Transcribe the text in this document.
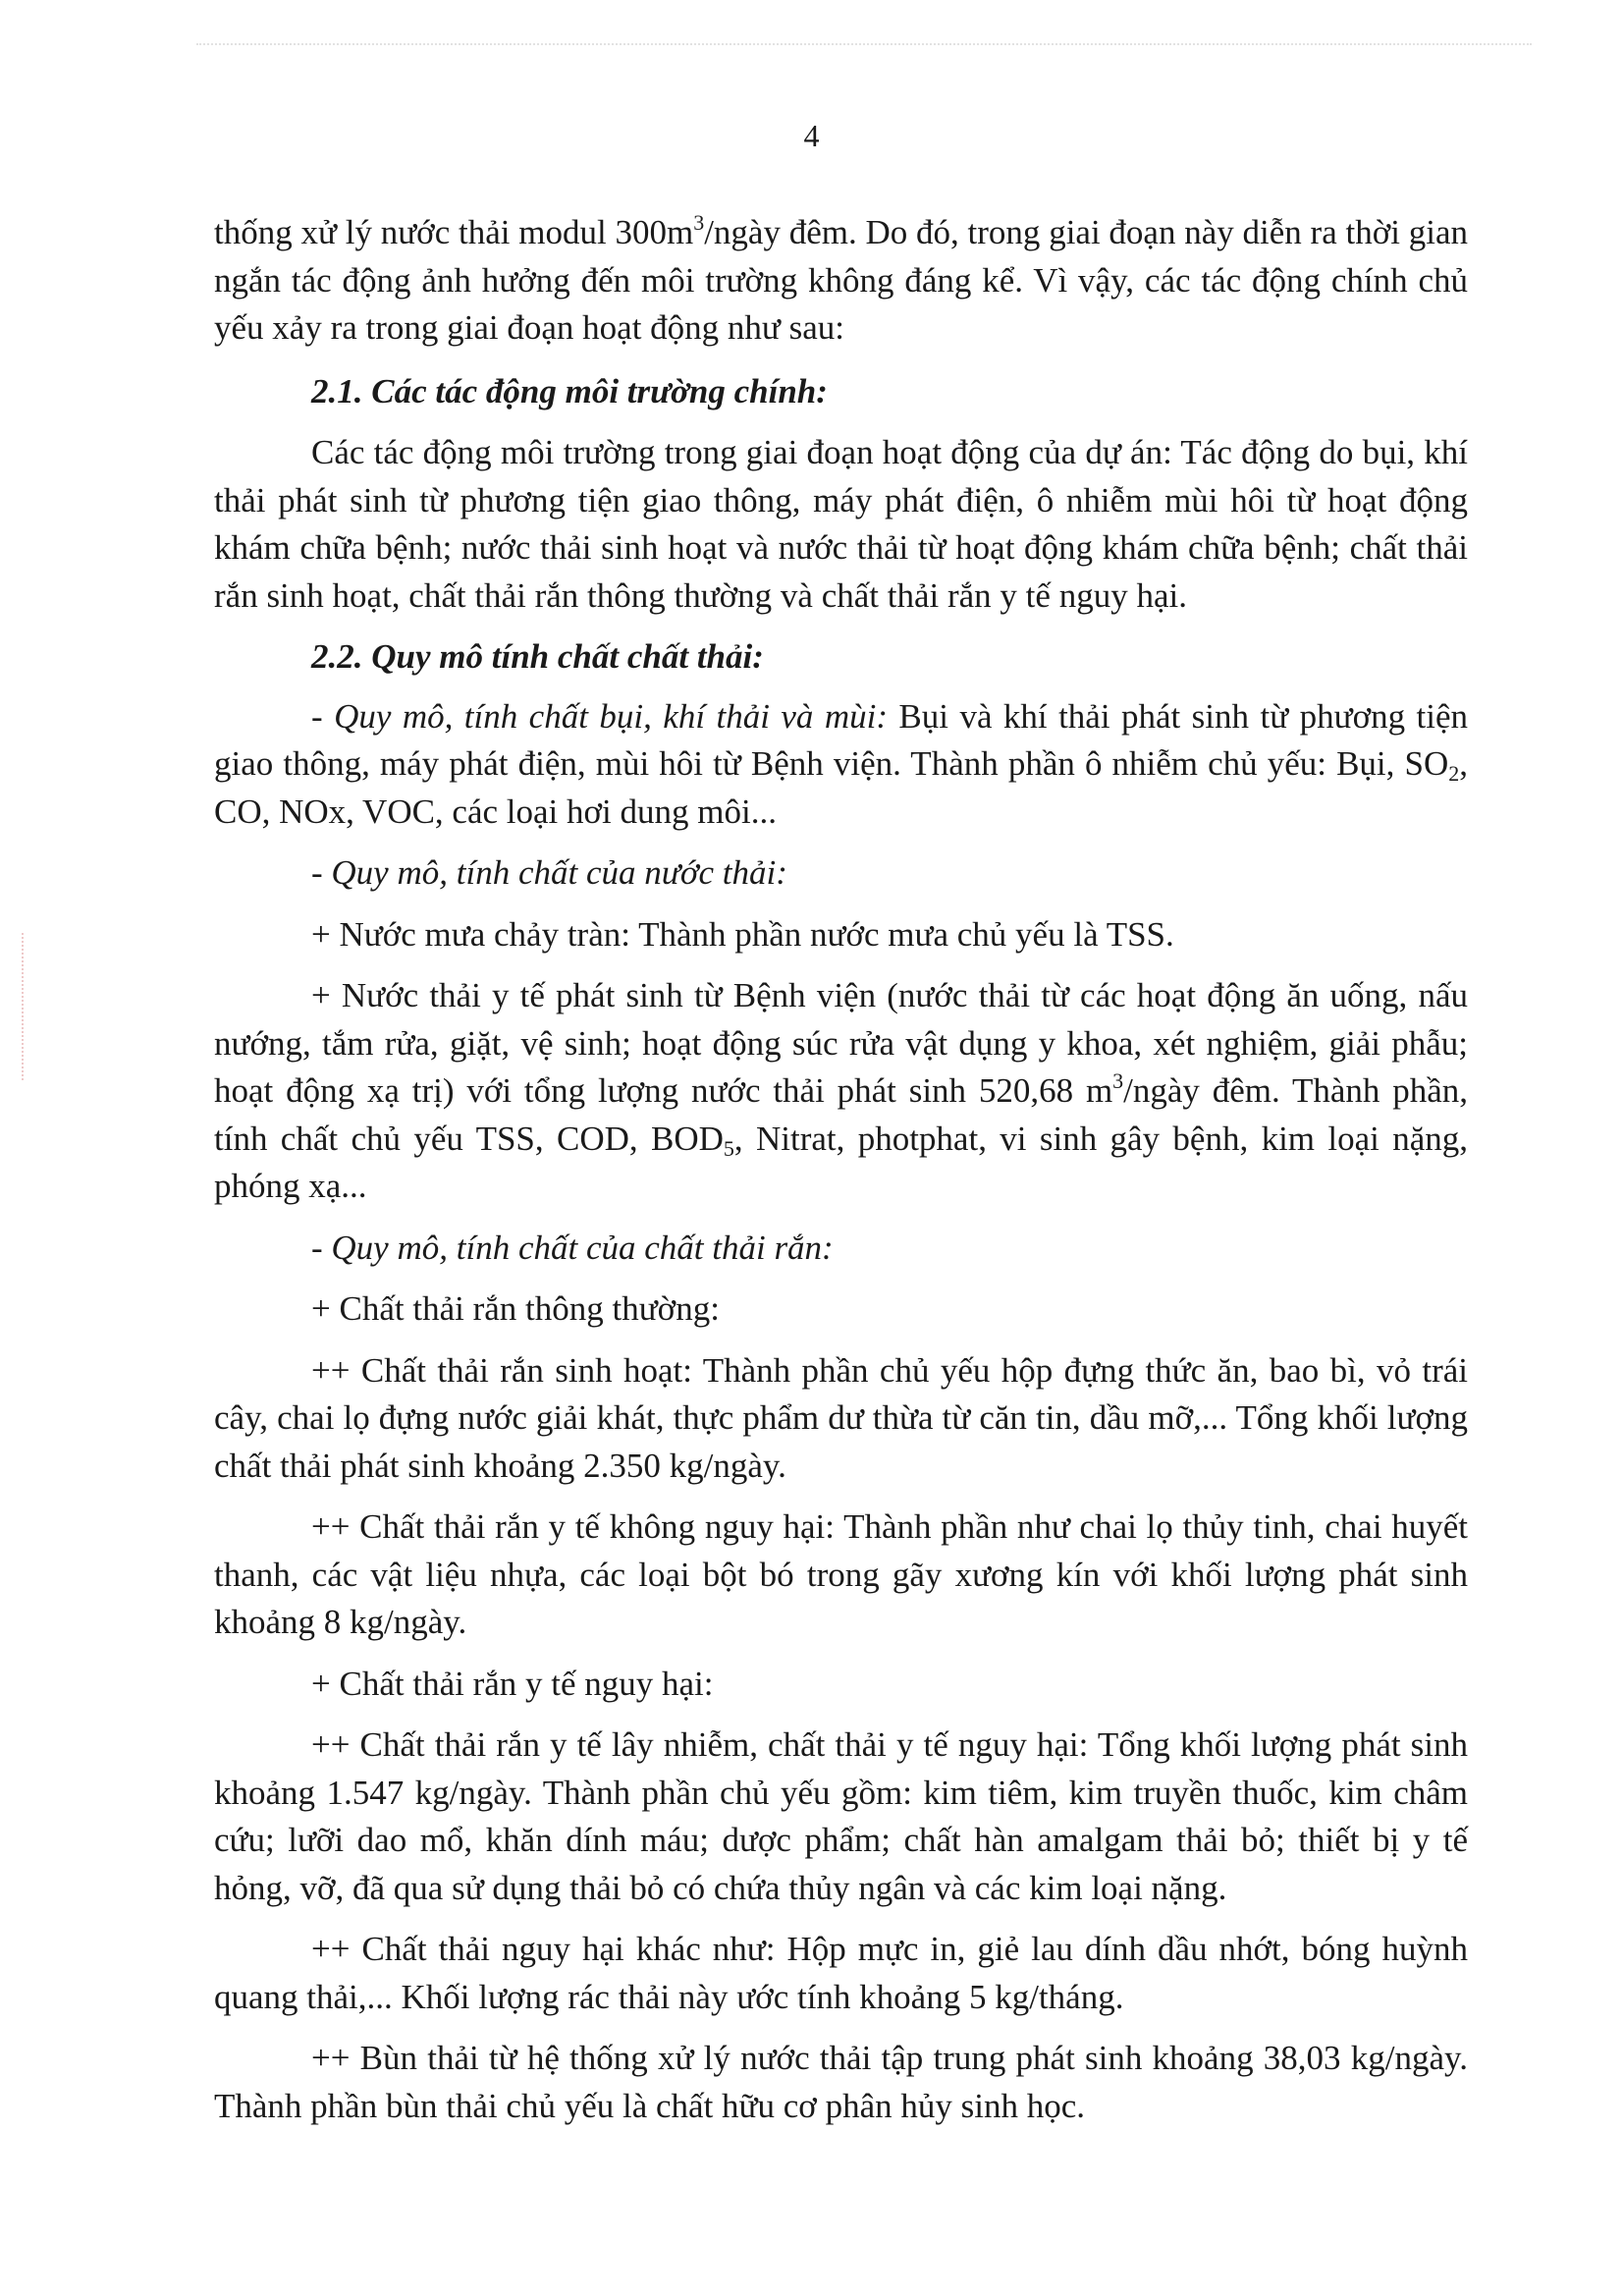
4

thống xử lý nước thải modul $300m^3$/ngày đêm. Do đó, trong giai đoạn này diễn ra thời gian ngắn tác động ảnh hưởng đến môi trường không đáng kể. Vì vậy, các tác động chính chủ yếu xảy ra trong giai đoạn hoạt động như sau:

2.1. Các tác động môi trường chính:

Các tác động môi trường trong giai đoạn hoạt động của dự án: Tác động do bụi, khí thải phát sinh từ phương tiện giao thông, máy phát điện, ô nhiễm mùi hôi từ hoạt động khám chữa bệnh; nước thải sinh hoạt và nước thải từ hoạt động khám chữa bệnh; chất thải rắn sinh hoạt, chất thải rắn thông thường và chất thải rắn y tế nguy hại.

2.2. Quy mô tính chất chất thải:

- Quy mô, tính chất bụi, khí thải và mùi: Bụi và khí thải phát sinh từ phương tiện giao thông, máy phát điện, mùi hôi từ Bệnh viện. Thành phần ô nhiễm chủ yếu: Bụi, $SO_2$, CO, NOx, VOC, các loại hơi dung môi...

- Quy mô, tính chất của nước thải:

+ Nước mưa chảy tràn: Thành phần nước mưa chủ yếu là TSS.

+ Nước thải y tế phát sinh từ Bệnh viện (nước thải từ các hoạt động ăn uống, nấu nướng, tắm rửa, giặt, vệ sinh; hoạt động súc rửa vật dụng y khoa, xét nghiệm, giải phẫu; hoạt động xạ trị) với tổng lượng nước thải phát sinh 520,68 $m^3$/ngày đêm. Thành phần, tính chất chủ yếu TSS, COD, $BOD_5$, Nitrat, photphat, vi sinh gây bệnh, kim loại nặng, phóng xạ...

- Quy mô, tính chất của chất thải rắn:

+ Chất thải rắn thông thường:

++ Chất thải rắn sinh hoạt: Thành phần chủ yếu hộp đựng thức ăn, bao bì, vỏ trái cây, chai lọ đựng nước giải khát, thực phẩm dư thừa từ căn tin, dầu mỡ,... Tổng khối lượng chất thải phát sinh khoảng 2.350 kg/ngày.

++ Chất thải rắn y tế không nguy hại: Thành phần như chai lọ thủy tinh, chai huyết thanh, các vật liệu nhựa, các loại bột bó trong gãy xương kín với khối lượng phát sinh khoảng 8 kg/ngày.

+ Chất thải rắn y tế nguy hại:

++ Chất thải rắn y tế lây nhiễm, chất thải y tế nguy hại: Tổng khối lượng phát sinh khoảng 1.547 kg/ngày. Thành phần chủ yếu gồm: kim tiêm, kim truyền thuốc, kim châm cứu; lưỡi dao mổ, khăn dính máu; dược phẩm; chất hàn amalgam thải bỏ; thiết bị y tế hỏng, vỡ, đã qua sử dụng thải bỏ có chứa thủy ngân và các kim loại nặng.

++ Chất thải nguy hại khác như: Hộp mực in, giẻ lau dính dầu nhớt, bóng huỳnh quang thải,... Khối lượng rác thải này ước tính khoảng 5 kg/tháng.

++ Bùn thải từ hệ thống xử lý nước thải tập trung phát sinh khoảng 38,03 kg/ngày. Thành phần bùn thải chủ yếu là chất hữu cơ phân hủy sinh học.
